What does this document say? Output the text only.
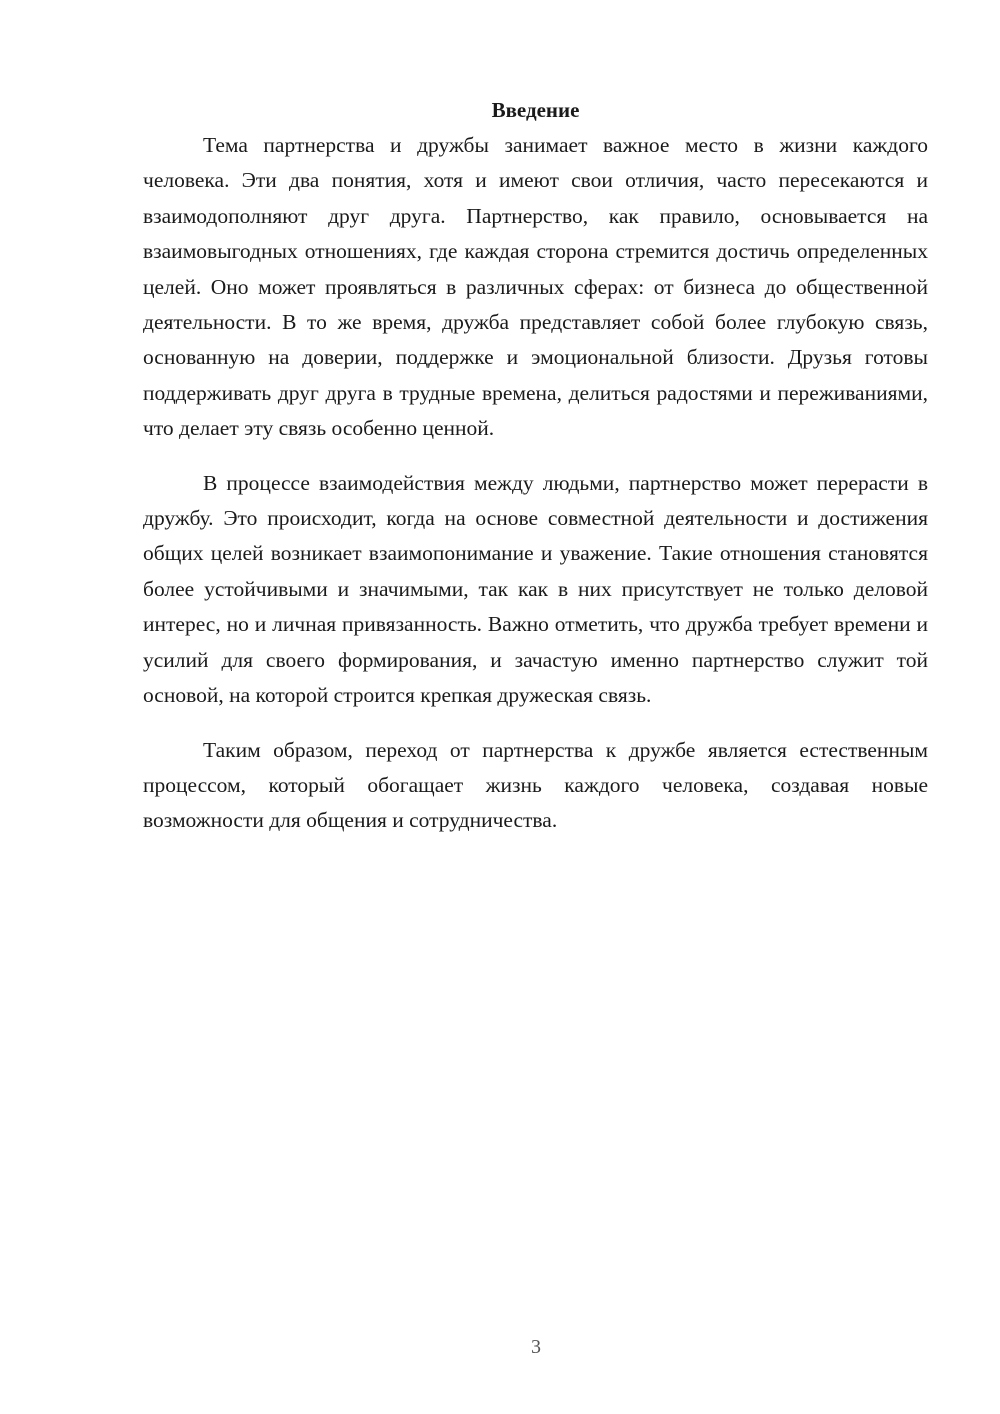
Введение

Тема партнерства и дружбы занимает важное место в жизни каждого человека. Эти два понятия, хотя и имеют свои отличия, часто пересекаются и взаимодополняют друг друга. Партнерство, как правило, основывается на взаимовыгодных отношениях, где каждая сторона стремится достичь определенных целей. Оно может проявляться в различных сферах: от бизнеса до общественной деятельности. В то же время, дружба представляет собой более глубокую связь, основанную на доверии, поддержке и эмоциональной близости. Друзья готовы поддерживать друг друга в трудные времена, делиться радостями и переживаниями, что делает эту связь особенно ценной.

В процессе взаимодействия между людьми, партнерство может перерасти в дружбу. Это происходит, когда на основе совместной деятельности и достижения общих целей возникает взаимопонимание и уважение. Такие отношения становятся более устойчивыми и значимыми, так как в них присутствует не только деловой интерес, но и личная привязанность. Важно отметить, что дружба требует времени и усилий для своего формирования, и зачастую именно партнерство служит той основой, на которой строится крепкая дружеская связь.

Таким образом, переход от партнерства к дружбе является естественным процессом, который обогащает жизнь каждого человека, создавая новые возможности для общения и сотрудничества.

3
